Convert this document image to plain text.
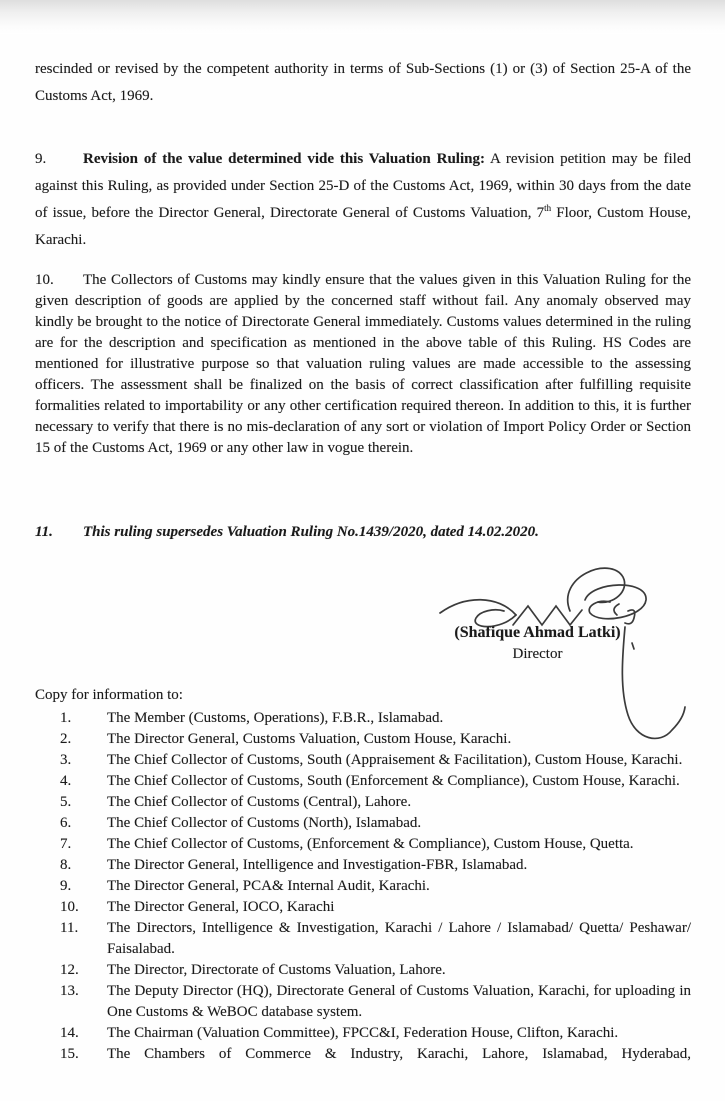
rescinded or revised by the competent authority in terms of Sub-Sections (1) or (3) of Section 25-A of the Customs Act, 1969.

9. Revision of the value determined vide this Valuation Ruling: A revision petition may be filed against this Ruling, as provided under Section 25-D of the Customs Act, 1969, within 30 days from the date of issue, before the Director General, Directorate General of Customs Valuation, 7th Floor, Custom House, Karachi.

10. The Collectors of Customs may kindly ensure that the values given in this Valuation Ruling for the given description of goods are applied by the concerned staff without fail. Any anomaly observed may kindly be brought to the notice of Directorate General immediately. Customs values determined in the ruling are for the description and specification as mentioned in the above table of this Ruling. HS Codes are mentioned for illustrative purpose so that valuation ruling values are made accessible to the assessing officers. The assessment shall be finalized on the basis of correct classification after fulfilling requisite formalities related to importability or any other certification required thereon. In addition to this, it is further necessary to verify that there is no mis-declaration of any sort or violation of Import Policy Order or Section 15 of the Customs Act, 1969 or any other law in vogue therein.

11. This ruling supersedes Valuation Ruling No.1439/2020, dated 14.02.2020.

(Shafique Ahmad Latki)
Director
Copy for information to:
1.	The Member (Customs, Operations), F.B.R., Islamabad.
2.	The Director General, Customs Valuation, Custom House, Karachi.
3.	The Chief Collector of Customs, South (Appraisement & Facilitation), Custom House, Karachi.
4.	The Chief Collector of Customs, South (Enforcement & Compliance), Custom House, Karachi.
5.	The Chief Collector of Customs (Central), Lahore.
6.	The Chief Collector of Customs (North), Islamabad.
7.	The Chief Collector of Customs, (Enforcement & Compliance), Custom House, Quetta.
8.	The Director General, Intelligence and Investigation-FBR, Islamabad.
9.	The Director General, PCA& Internal Audit, Karachi.
10.	The Director General, IOCO, Karachi
11.	The Directors, Intelligence & Investigation, Karachi / Lahore / Islamabad/ Quetta/ Peshawar/ Faisalabad.
12.	The Director, Directorate of Customs Valuation, Lahore.
13.	The Deputy Director (HQ), Directorate General of Customs Valuation, Karachi, for uploading in One Customs & WeBOC database system.
14.	The Chairman (Valuation Committee), FPCC&I, Federation House, Clifton, Karachi.
15.	The Chambers of Commerce & Industry, Karachi, Lahore, Islamabad, Hyderabad,
